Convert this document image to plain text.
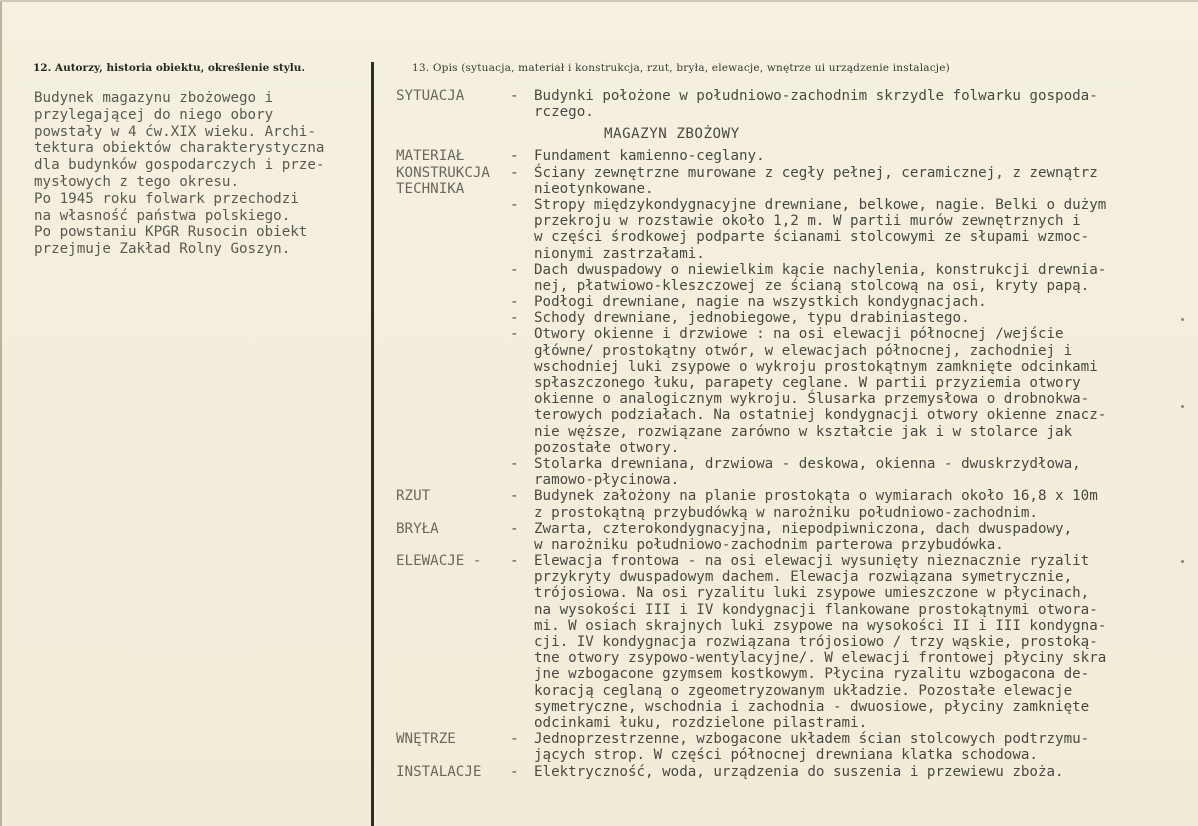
12. Autorzy, historia obiektu, określenie stylu.	13. Opis (sytuacja, materiał i konstrukcja, rzut, bryła, elewacje, wnętrze ui urządzenie instalacje)
Budynek magazynu zbożowego i
przylegającej do niego obory
powstały w 4 ćw.XIX wieku. Archi-
tektura obiektów charakterystyczna
dla budynków gospodarczych i prze-
mysłowych z tego okresu.
Po 1945 roku folwark przechodzi
na własność państwa polskiego.
Po powstaniu KPGR Rusocin obiekt
przejmuje Zakład Rolny Goszyn.
SYTUACJA	- Budynki położone w południowo-zachodnim skrzydle folwarku gospoda-
rczego.
MAGAZYN ZBOŻOWY
MATERIAŁ	- Fundament kamienno-ceglany.
KONSTRUKCJA - Ściany zewnętrzne murowane z cegły pełnej, ceramicznej, z zewnątrz
TECHNIKA	nieotynkowane.
- Stropy międzykondygnacyjne drewniane, belkowe, nagie. Belki o dużym
przekroju w rozstawie około 1,2 m. W partii murów zewnętrznych i
w części środkowej podparte ścianami stolcowymi ze słupami wzmoc-
nionymi zastrzałami.
- Dach dwuspadowy o niewielkim kącie nachylenia, konstrukcji drewnia-
nej, płatwiowo-kleszczowej ze ścianą stolcową na osi, kryty papą.
- Podłogi drewniane, nagie na wszystkich kondygnacjach.
- Schody drewniane, jednobiegowe, typu drabiniastego.
- Otwory okienne i drzwiowe : na osi elewacji północnej /wejście
główne/ prostokątny otwór, w elewacjach północnej, zachodniej i
wschodniej luki zsypowe o wykroju prostokątnym zamknięte odcinkami
spłaszczonego łuku, parapety ceglane. W partii przyziemia otwory
okienne o analogicznym wykroju. Ślusarka przemysłowa o drobnokwa-
terowych podziałach. Na ostatniej kondygnacji otwory okienne znacz-
nie węższe, rozwiązane zarówno w kształcie jak i w stolarce jak
pozostałe otwory.
- Stolarka drewniana, drzwiowa - deskowa, okienna - dwuskrzydłowa,
ramowo-płycinowa.
RZUT	- Budynek założony na planie prostokąta o wymiarach około 16,8 x 10m
z prostokątną przybudówką w narożniku południowo-zachodnim.
BRYŁA	- Zwarta, czterokondygnacyjna, niepodpiwniczona, dach dwuspadowy,
w narożniku południowo-zachodnim parterowa przybudówka.
ELEWACJE - - Elewacja frontowa - na osi elewacji wysunięty nieznacznie ryzalit
przykryty dwuspadowym dachem. Elewacja rozwiązana symetrycznie,
trójosiowa. Na osi ryzalitu luki zsypowe umieszczone w płycinach,
na wysokości III i IV kondygnacji flankowane prostokątnymi otwora-
mi. W osiach skrajnych luki zsypowe na wysokości II i III kondygna-
cji. IV kondygnacja rozwiązana trójosiowo / trzy wąskie, prostoką-
tne otwory zsypowo-wentylacyjne/. W elewacji frontowej płyciny skra
jne wzbogacone gzymsem kostkowym. Płycina ryzalitu wzbogacona de-
koracją ceglaną o zgeometryzowanym układzie. Pozostałe elewacje
symetryczne, wschodnia i zachodnia - dwuosiowe, płyciny zamknięte
odcinkami łuku, rozdzielone pilastrami.
WNĘTRZE	- Jednoprzestrzenne, wzbogacone układem ścian stolcowych podtrzymu-
jących strop. W części północnej drewniana klatka schodowa.
INSTALACJE - Elektryczność, woda, urządzenia do suszenia i przewiewu zboża.
